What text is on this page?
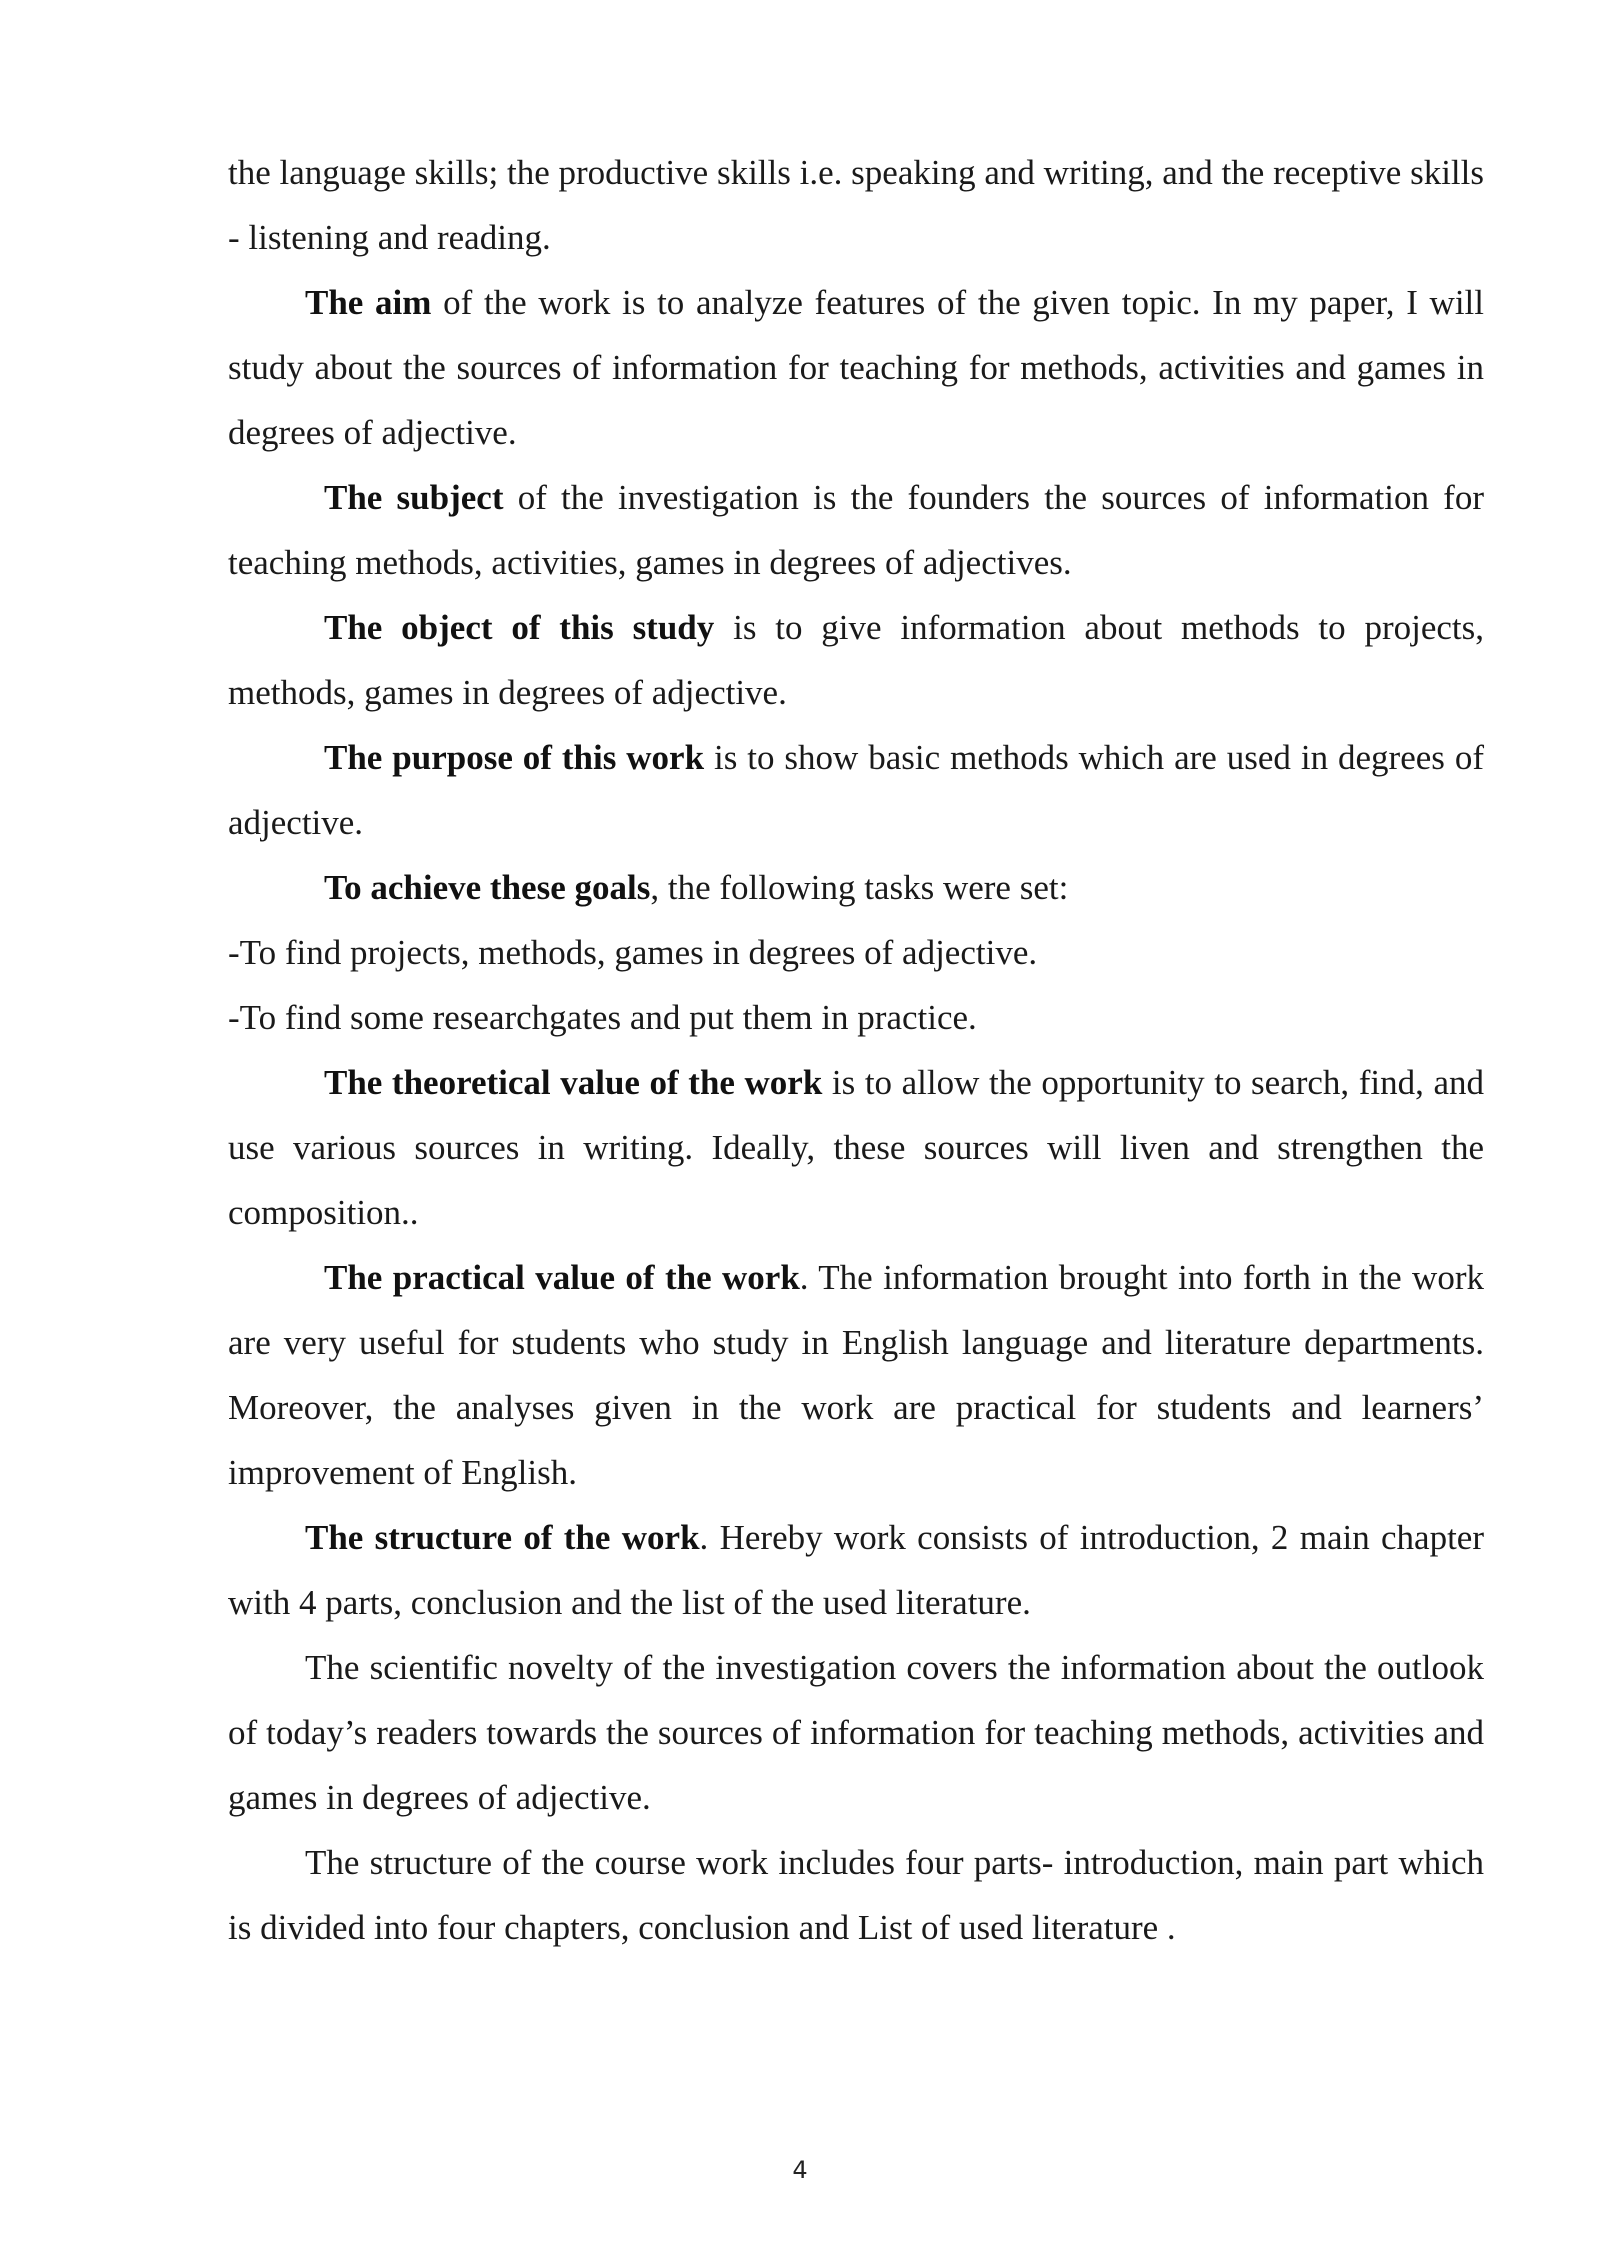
the language skills; the productive skills i.e. speaking and writing, and the receptive skills - listening and reading.

The aim of the work is to analyze features of the given topic. In my paper, I will study about the sources of information for teaching for methods, activities and games in degrees of adjective.

The subject of the investigation is the founders the sources of information for teaching methods, activities, games in degrees of adjectives.

The object of this study is to give information about methods to projects, methods, games in degrees of adjective.

The purpose of this work is to show basic methods which are used in degrees of adjective.

To achieve these goals, the following tasks were set:

-To find projects, methods, games in degrees of adjective.

-To find some researchgates and put them in practice.

The theoretical value of the work is to allow the opportunity to search, find, and use various sources in writing. Ideally, these sources will liven and strengthen the composition..

The practical value of the work. The information brought into forth in the work are very useful for students who study in English language and literature departments. Moreover, the analyses given in the work are practical for students and learners’ improvement of English.

The structure of the work. Hereby work consists of introduction, 2 main chapter with 4 parts, conclusion and the list of the used literature.

The scientific novelty of the investigation covers the information about the outlook of today’s readers towards the sources of information for teaching methods, activities and games in degrees of adjective.

The structure of the course work includes four parts- introduction, main part which is divided into four chapters, conclusion and List of used literature .

4
